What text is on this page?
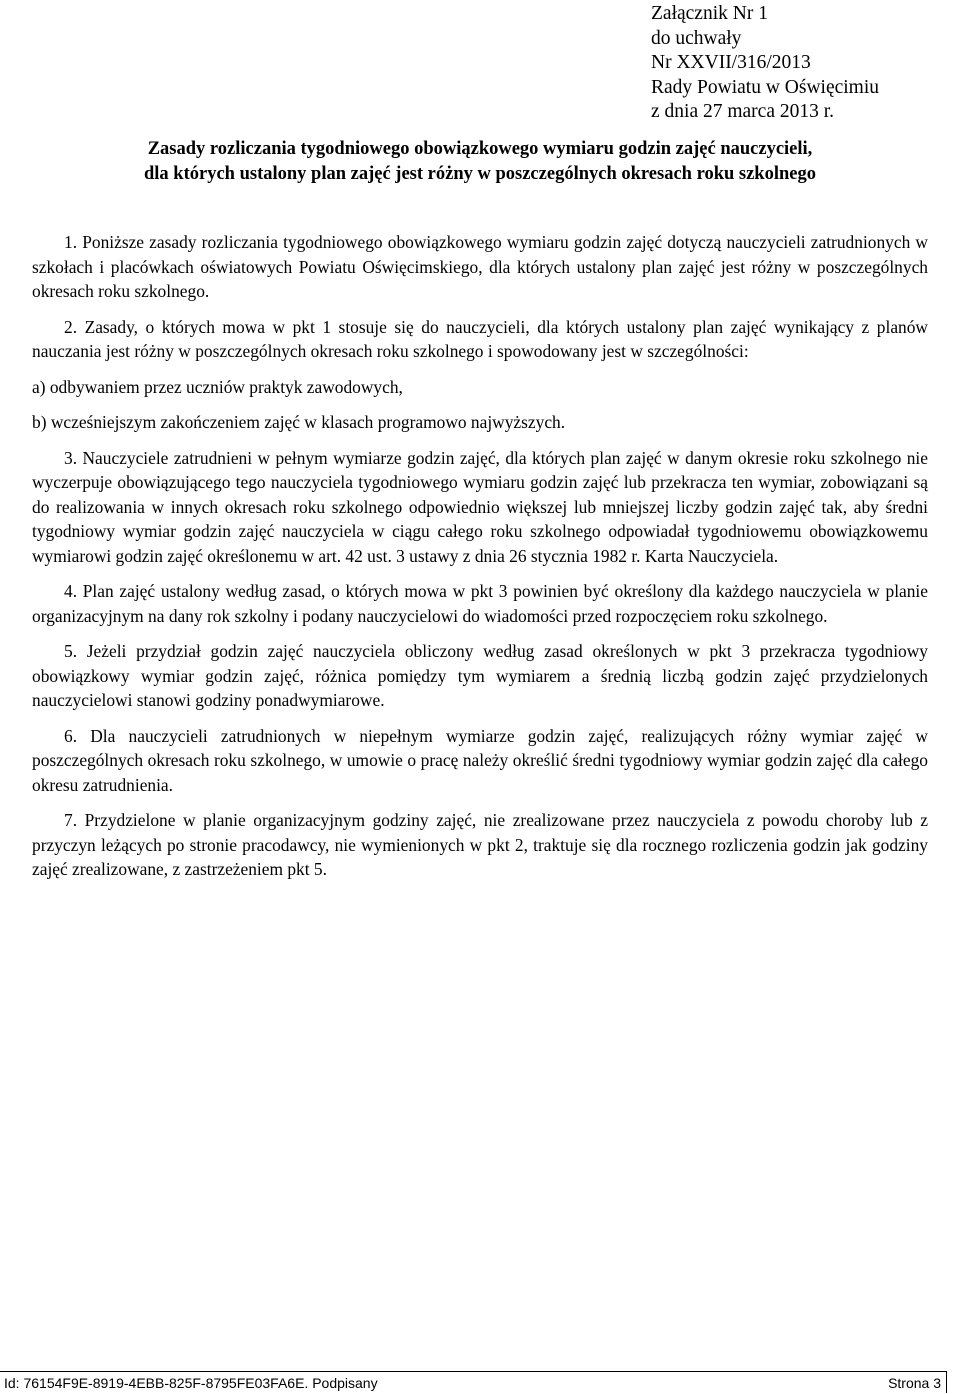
Załącznik Nr 1
do uchwały
Nr XXVII/316/2013
Rady Powiatu w Oświęcimiu
z dnia 27 marca 2013 r.
Zasady rozliczania tygodniowego obowiązkowego wymiaru godzin zajęć nauczycieli,
dla których ustalony plan zajęć jest różny w poszczególnych okresach roku szkolnego

1. Poniższe zasady rozliczania tygodniowego obowiązkowego wymiaru godzin zajęć dotyczą nauczycieli zatrudnionych w szkołach i placówkach oświatowych Powiatu Oświęcimskiego, dla których ustalony plan zajęć jest różny w poszczególnych okresach roku szkolnego.

2. Zasady, o których mowa w pkt 1 stosuje się do nauczycieli, dla których ustalony plan zajęć wynikający z planów nauczania jest różny w poszczególnych okresach roku szkolnego i spowodowany jest w szczególności:

a) odbywaniem przez uczniów praktyk zawodowych,

b) wcześniejszym zakończeniem zajęć w klasach programowo najwyższych.

3. Nauczyciele zatrudnieni w pełnym wymiarze godzin zajęć, dla których plan zajęć w danym okresie roku szkolnego nie wyczerpuje obowiązującego tego nauczyciela tygodniowego wymiaru godzin zajęć lub przekracza ten wymiar, zobowiązani są do realizowania w innych okresach roku szkolnego odpowiednio większej lub mniejszej liczby godzin zajęć tak, aby średni tygodniowy wymiar godzin zajęć nauczyciela w ciągu całego roku szkolnego odpowiadał tygodniowemu obowiązkowemu wymiarowi godzin zajęć określonemu w art. 42 ust. 3 ustawy z dnia 26 stycznia 1982 r. Karta Nauczyciela.

4. Plan zajęć ustalony według zasad, o których mowa w pkt 3 powinien być określony dla każdego nauczyciela w planie organizacyjnym na dany rok szkolny i podany nauczycielowi do wiadomości przed rozpoczęciem roku szkolnego.

5. Jeżeli przydział godzin zajęć nauczyciela obliczony według zasad określonych w pkt 3 przekracza tygodniowy obowiązkowy wymiar godzin zajęć, różnica pomiędzy tym wymiarem a średnią liczbą godzin zajęć przydzielonych nauczycielowi stanowi godziny ponadwymiarowe.

6. Dla nauczycieli zatrudnionych w niepełnym wymiarze godzin zajęć, realizujących różny wymiar zajęć w poszczególnych okresach roku szkolnego, w umowie o pracę należy określić średni tygodniowy wymiar godzin zajęć dla całego okresu zatrudnienia.

7. Przydzielone w planie organizacyjnym godziny zajęć, nie zrealizowane przez nauczyciela z powodu choroby lub z przyczyn leżących po stronie pracodawcy, nie wymienionych w pkt 2, traktuje się dla rocznego rozliczenia godzin jak godziny zajęć zrealizowane, z zastrzeżeniem pkt 5.

Id: 76154F9E-8919-4EBB-825F-8795FE03FA6E. Podpisany	Strona 3
